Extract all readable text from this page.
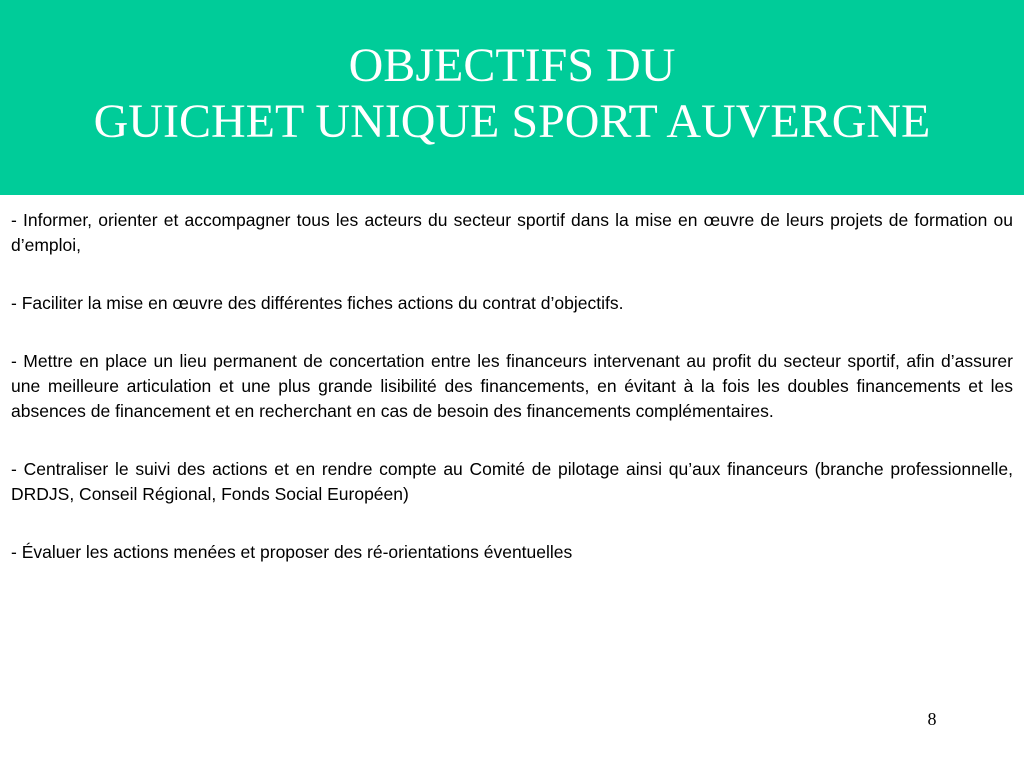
OBJECTIFS DU
GUICHET UNIQUE SPORT AUVERGNE

- Informer, orienter et accompagner tous les acteurs du secteur sportif dans la mise en œuvre de leurs projets de formation ou d’emploi,

- Faciliter la mise en œuvre des différentes fiches actions du contrat d’objectifs.

- Mettre en place un lieu permanent de concertation entre les financeurs intervenant au profit du secteur sportif, afin d’assurer une meilleure articulation et une plus grande lisibilité des financements, en évitant à la fois les doubles financements et les absences de financement et en recherchant en cas de besoin des financements complémentaires.

- Centraliser le suivi des actions et en rendre compte au Comité de pilotage ainsi qu’aux financeurs (branche professionnelle, DRDJS, Conseil Régional, Fonds Social Européen)

- Évaluer les actions menées et proposer des ré-orientations éventuelles

8
